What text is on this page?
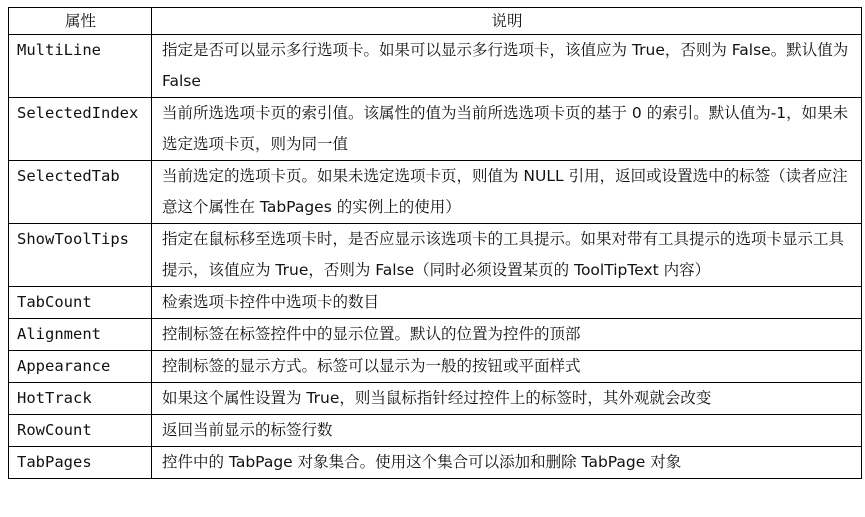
属性	说明
MultiLine	指定是否可以显示多行选项卡。如果可以显示多行选项卡，该值应为 True，否则为 False。默认值为 False
SelectedIndex	当前所选选项卡页的索引值。该属性的值为当前所选选项卡页的基于 0 的索引。默认值为-1，如果未选定选项卡页，则为同一值
SelectedTab	当前选定的选项卡页。如果未选定选项卡页，则值为 NULL 引用，返回或设置选中的标签（读者应注意这个属性在 TabPages 的实例上的使用）
ShowToolTips	指定在鼠标移至选项卡时，是否应显示该选项卡的工具提示。如果对带有工具提示的选项卡显示工具提示，该值应为 True，否则为 False（同时必须设置某页的 ToolTipText 内容）
TabCount	检索选项卡控件中选项卡的数目
Alignment	控制标签在标签控件中的显示位置。默认的位置为控件的顶部
Appearance	控制标签的显示方式。标签可以显示为一般的按钮或平面样式
HotTrack	如果这个属性设置为 True，则当鼠标指针经过控件上的标签时，其外观就会改变
RowCount	返回当前显示的标签行数
TabPages	控件中的 TabPage 对象集合。使用这个集合可以添加和删除 TabPage 对象
